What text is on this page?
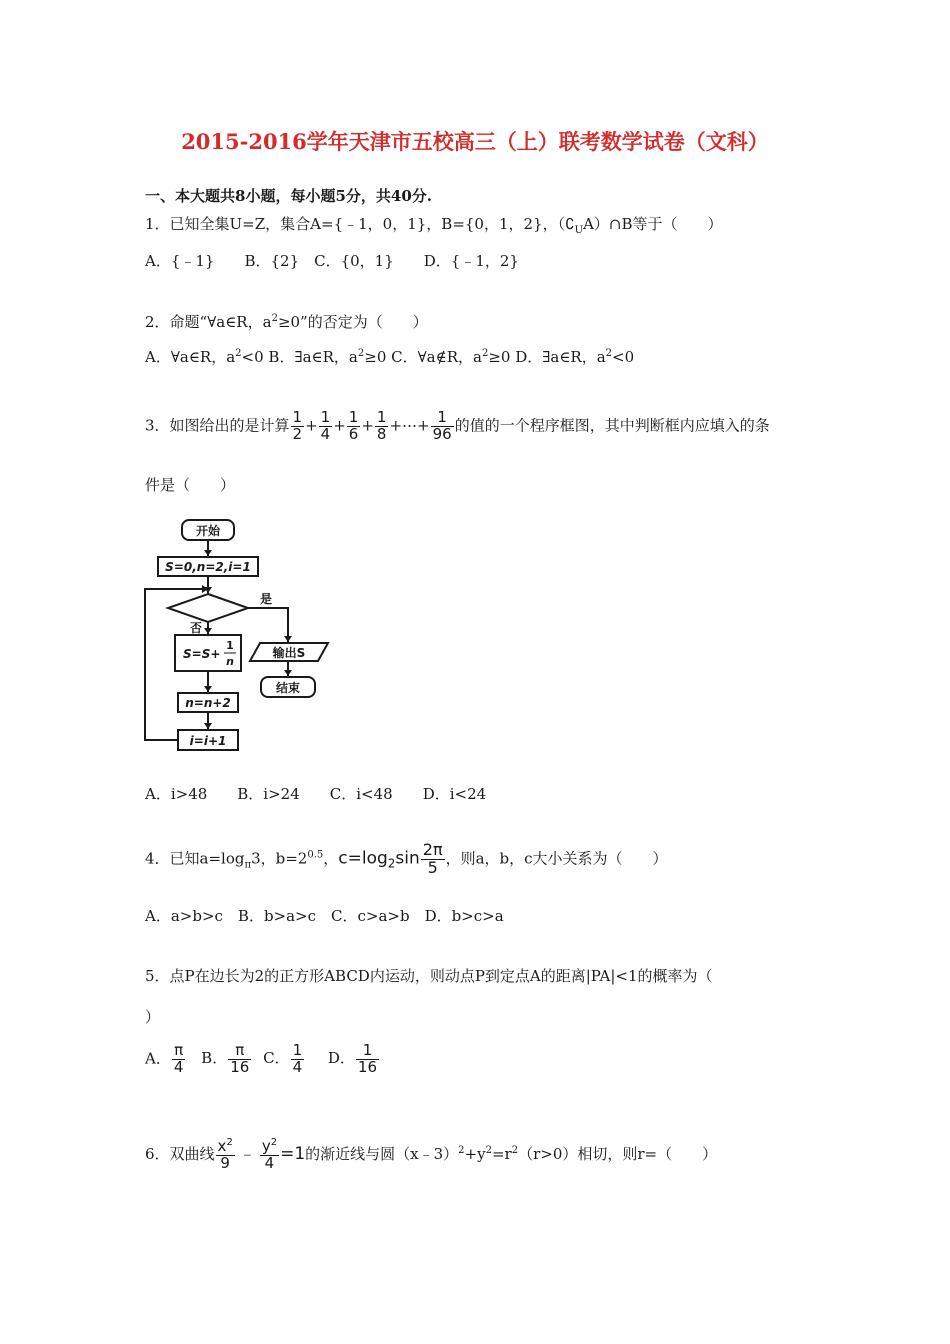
2015-2016学年天津市五校高三（上）联考数学试卷（文科）
一、本大题共8小题，每小题5分，共40分.
1．已知全集U=Z，集合A={﹣1，0，1}，B={0，1，2}，$(∁_UA)\cap B$等于（　　）
A．{﹣1}　　B．{2}　C．{0，1}　　D．{﹣1，2}
2．命题“∀a∈R，$a^2\ge 0$”的否定为（　　）
A．∀a∈R，$a^2<0$ B．∃a∈R，$a^2\ge 0$ C．∀a∉R，$a^2\ge 0$ D．∃a∈R，$a^2<0$
3．如图给出的是计算 $\frac{1}{2} + \frac{1}{4} + \frac{1}{6} + \frac{1}{8}$ +⋯+ $\frac{1}{96}$ 的值的一个程序框图，其中判断框内应填入的条
件是（　　）
开始
S=0,n=2,i=1
是
否
S=S+
1
n
输出S
结束
n=n+2
i=i+1
A．i>48　　B．i>24　　C．i<48　　D．i<24
4．已知$a=\log_\pi 3$，$b=2^{0.5}$，$c=\log_2\sin \frac{2\pi}{5}$ ，则a，b，c大小关系为（　　）
A．a>b>c　B．b>a>c　C．c>a>b　D．b>c>a
5．点P在边长为2的正方形ABCD内运动，则动点P到定点A的距离|PA|<1的概率为（
）
A． $\frac{\pi}{4}$ B． $\frac{\pi}{16}$ C． $\frac{1}{4}$ D． $\frac{1}{16}$
6．双曲线 $\frac{x^2}{9}$ ﹣ $\frac{y^2}{4} =1$的渐近线与圆$(x﹣3)^2+y^2=r^2(r>0)$相切，则r=（　　）
